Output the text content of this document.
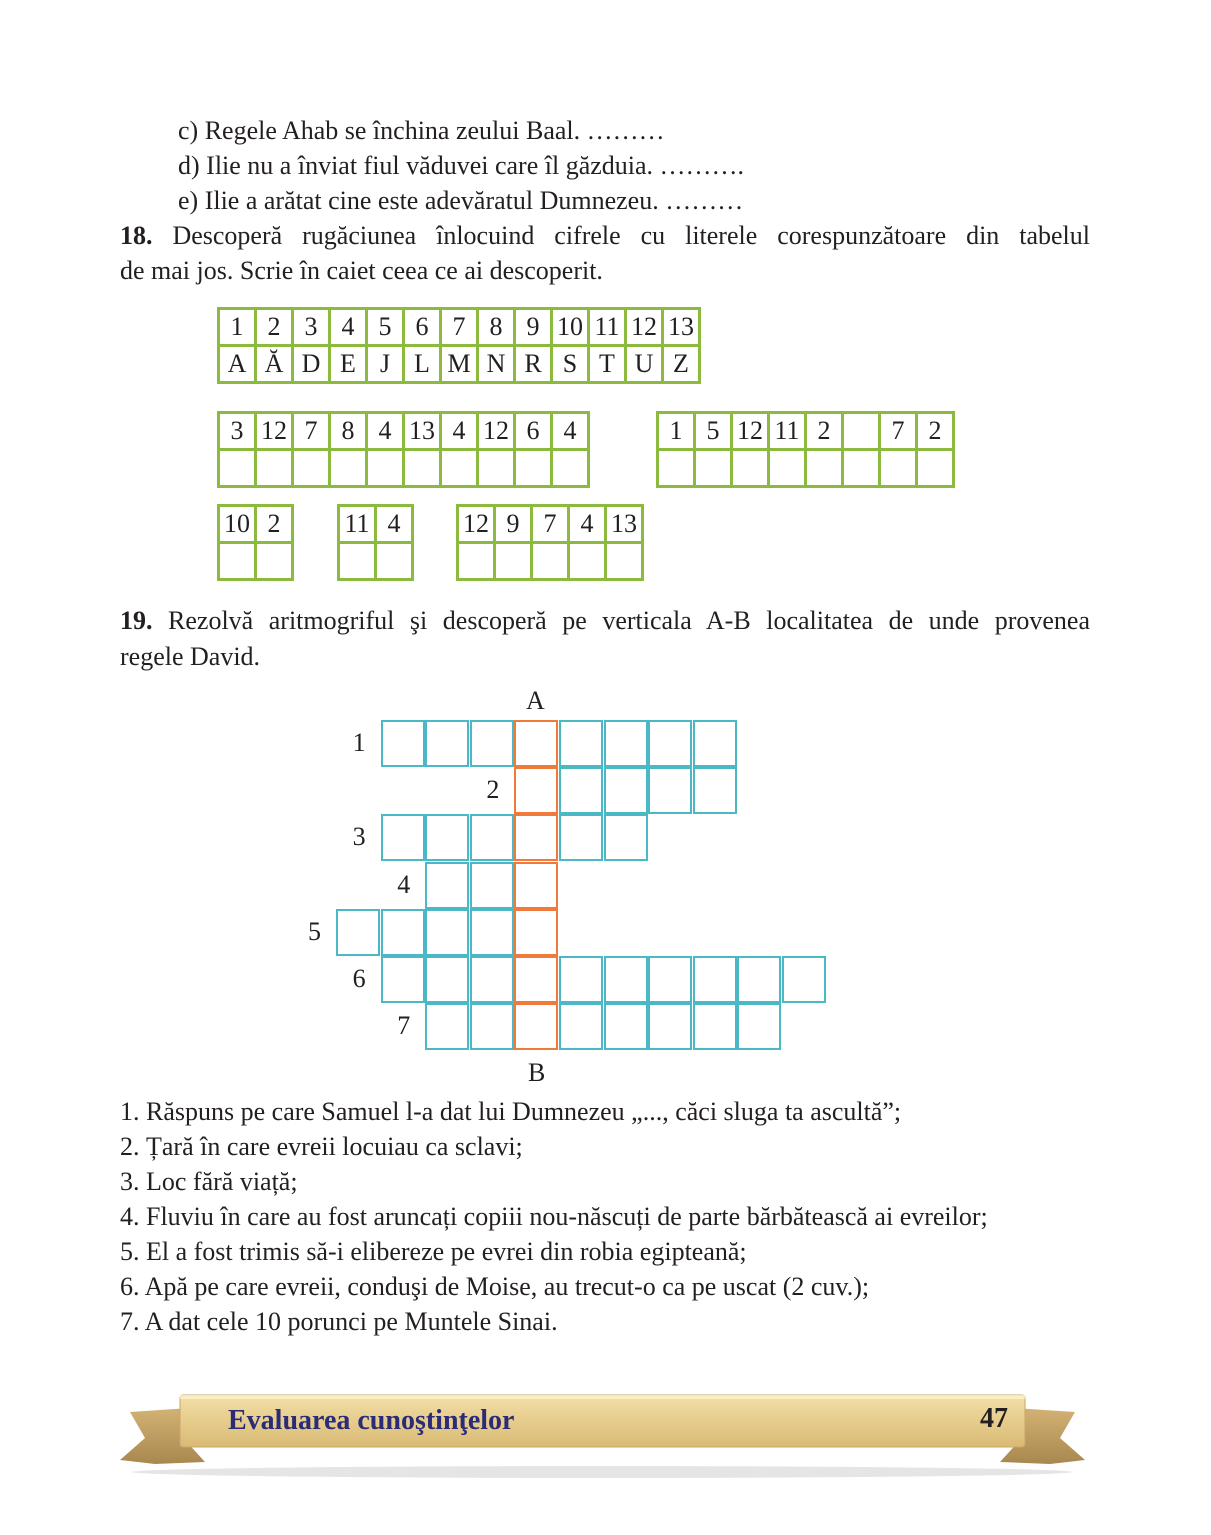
c) Regele Ahab se închina zeului Baal. ………
d) Ilie nu a înviat fiul văduvei care îl găzduia. ……….
e) Ilie a arătat cine este adevăratul Dumnezeu. ………
18. Descoperă rugăciunea înlocuind cifrele cu literele corespunzătoare din tabelul
de mai jos. Scrie în caiet ceea ce ai descoperit.
1	2	3	4	5	6	7	8	9	10	11	12	13
A	Ă	D	E	J	L	M	N	R	S	T	U	Z
3	12	7	8	4	13	4	12	6	4
										1	5	12	11	2		7	2

10	2
	11	4
	12	9	7	4	13

19. Rezolvă aritmogriful şi descoperă pe verticala A-B localitatea de unde provenea
regele David.
A
B
1
2
3
4
5
6
7
1. Răspuns pe care Samuel l-a dat lui Dumnezeu „..., căci sluga ta ascultă”;
2. Țară în care evreii locuiau ca sclavi;
3. Loc fără viață;
4. Fluviu în care au fost aruncați copiii nou-născuți de parte bărbătească ai evreilor;
5. El a fost trimis să-i elibereze pe evrei din robia egipteană;
6. Apă pe care evreii, conduşi de Moise, au trecut-o ca pe uscat (2 cuv.);
7. A dat cele 10 porunci pe Muntele Sinai.
Evaluarea cunoştinţelor	47
